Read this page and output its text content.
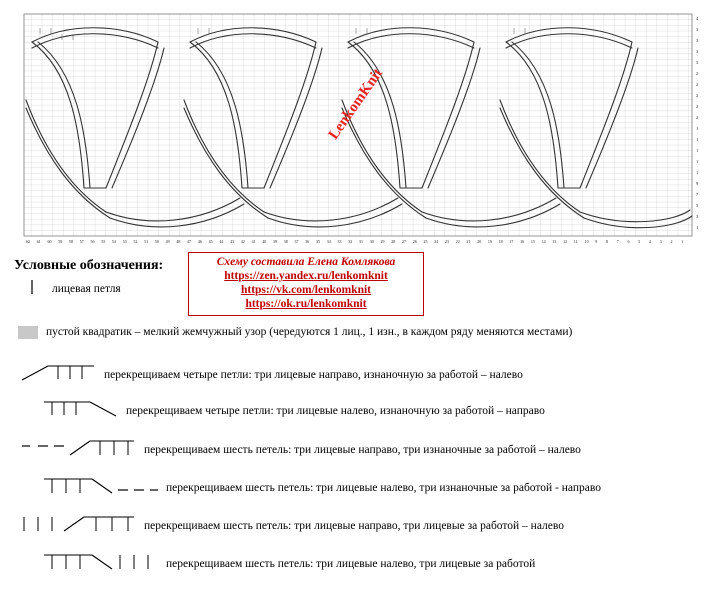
4
3
3
3
3
2
2
2
2
2
1
1
1
1
1
9
7
5
3
1
62 61 60 59 58 57 56 55 54 53 52 51 50 49 48 47 46 45 44 43 42 41 40 39 38 37 36 35 34 33 32 31 30 29 28 27 26 25 24 23 22 21 20 19 18 17 16 15 14 13 12 11 10 9 8 7 6 5 4 3 2 1
LenkomKnit
Схему составила Елена Комлякова
https://zen.yandex.ru/lenkomknit
https://vk.com/lenkomknit
https://ok.ru/lenkomknit
Условные обозначения:
лицевая петля
пустой квадратик – мелкий жемчужный узор (чередуются 1 лиц., 1 изн., в каждом ряду меняются местами)
перекрещиваем четыре петли: три лицевые направо, изнаночную за работой – налево
перекрещиваем четыре петли: три лицевые налево, изнаночную за работой – направо
перекрещиваем шесть петель: три лицевые направо, три изнаночные за работой – налево
перекрещиваем шесть петель: три лицевые налево, три изнаночные за работой - направо
перекрещиваем шесть петель: три лицевые направо, три лицевые за работой – налево
перекрещиваем шесть петель: три лицевые налево, три лицевые за работой
